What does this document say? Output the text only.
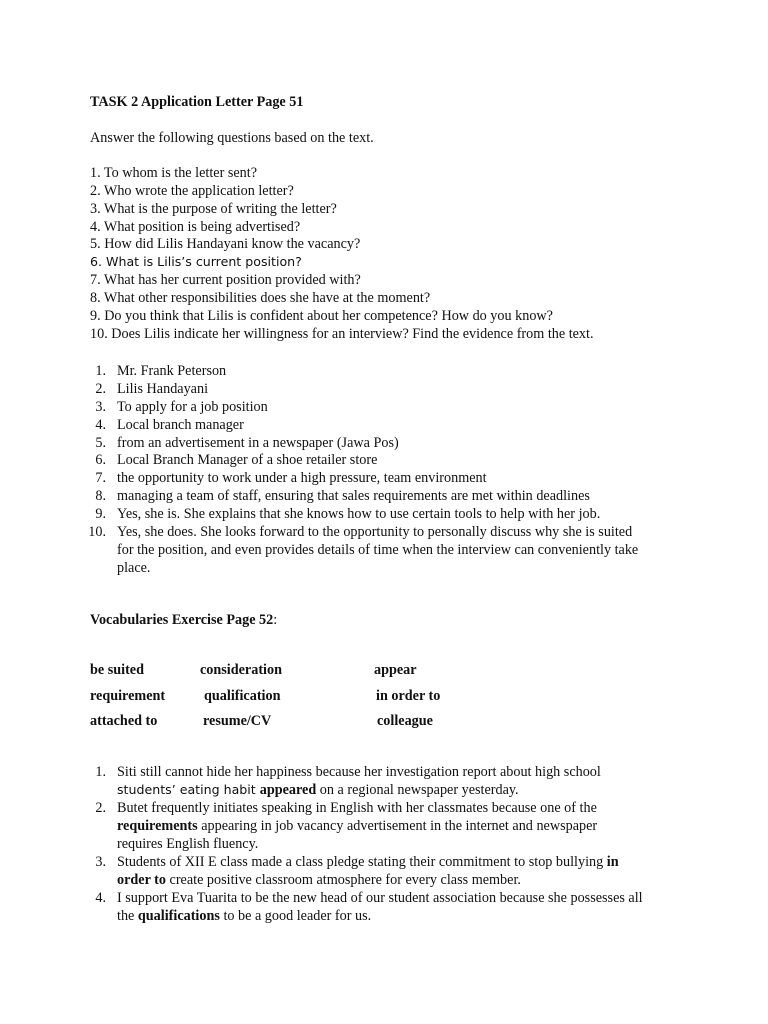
TASK 2 Application Letter Page 51
Answer the following questions based on the text.
1. To whom is the letter sent?
2. Who wrote the application letter?
3. What is the purpose of writing the letter?
4. What position is being advertised?
5. How did Lilis Handayani know the vacancy?
6. What is Lilis’s current position?
7. What has her current position provided with?
8. What other responsibilities does she have at the moment?
9. Do you think that Lilis is confident about her competence? How do you know?
10. Does Lilis indicate her willingness for an interview? Find the evidence from the text.
1. Mr. Frank Peterson
2. Lilis Handayani
3. To apply for a job position
4. Local branch manager
5. from an advertisement in a newspaper (Jawa Pos)
6. Local Branch Manager of a shoe retailer store
7. the opportunity to work under a high pressure, team environment
8. managing a team of staff, ensuring that sales requirements are met within deadlines
9. Yes, she is. She explains that she knows how to use certain tools to help with her job.
10. Yes, she does. She looks forward to the opportunity to personally discuss why she is suited
for the position, and even provides details of time when the interview can conveniently take
place.
Vocabularies Exercise Page 52:
be suited	consideration	appear
requirement	qualification	in order to
attached to	resume/CV	colleague
1. Siti still cannot hide her happiness because her investigation report about high school
students’ eating habit appeared on a regional newspaper yesterday.
2. Butet frequently initiates speaking in English with her classmates because one of the
requirements appearing in job vacancy advertisement in the internet and newspaper
requires English fluency.
3. Students of XII E class made a class pledge stating their commitment to stop bullying in
order to create positive classroom atmosphere for every class member.
4. I support Eva Tuarita to be the new head of our student association because she possesses all
the qualifications to be a good leader for us.
